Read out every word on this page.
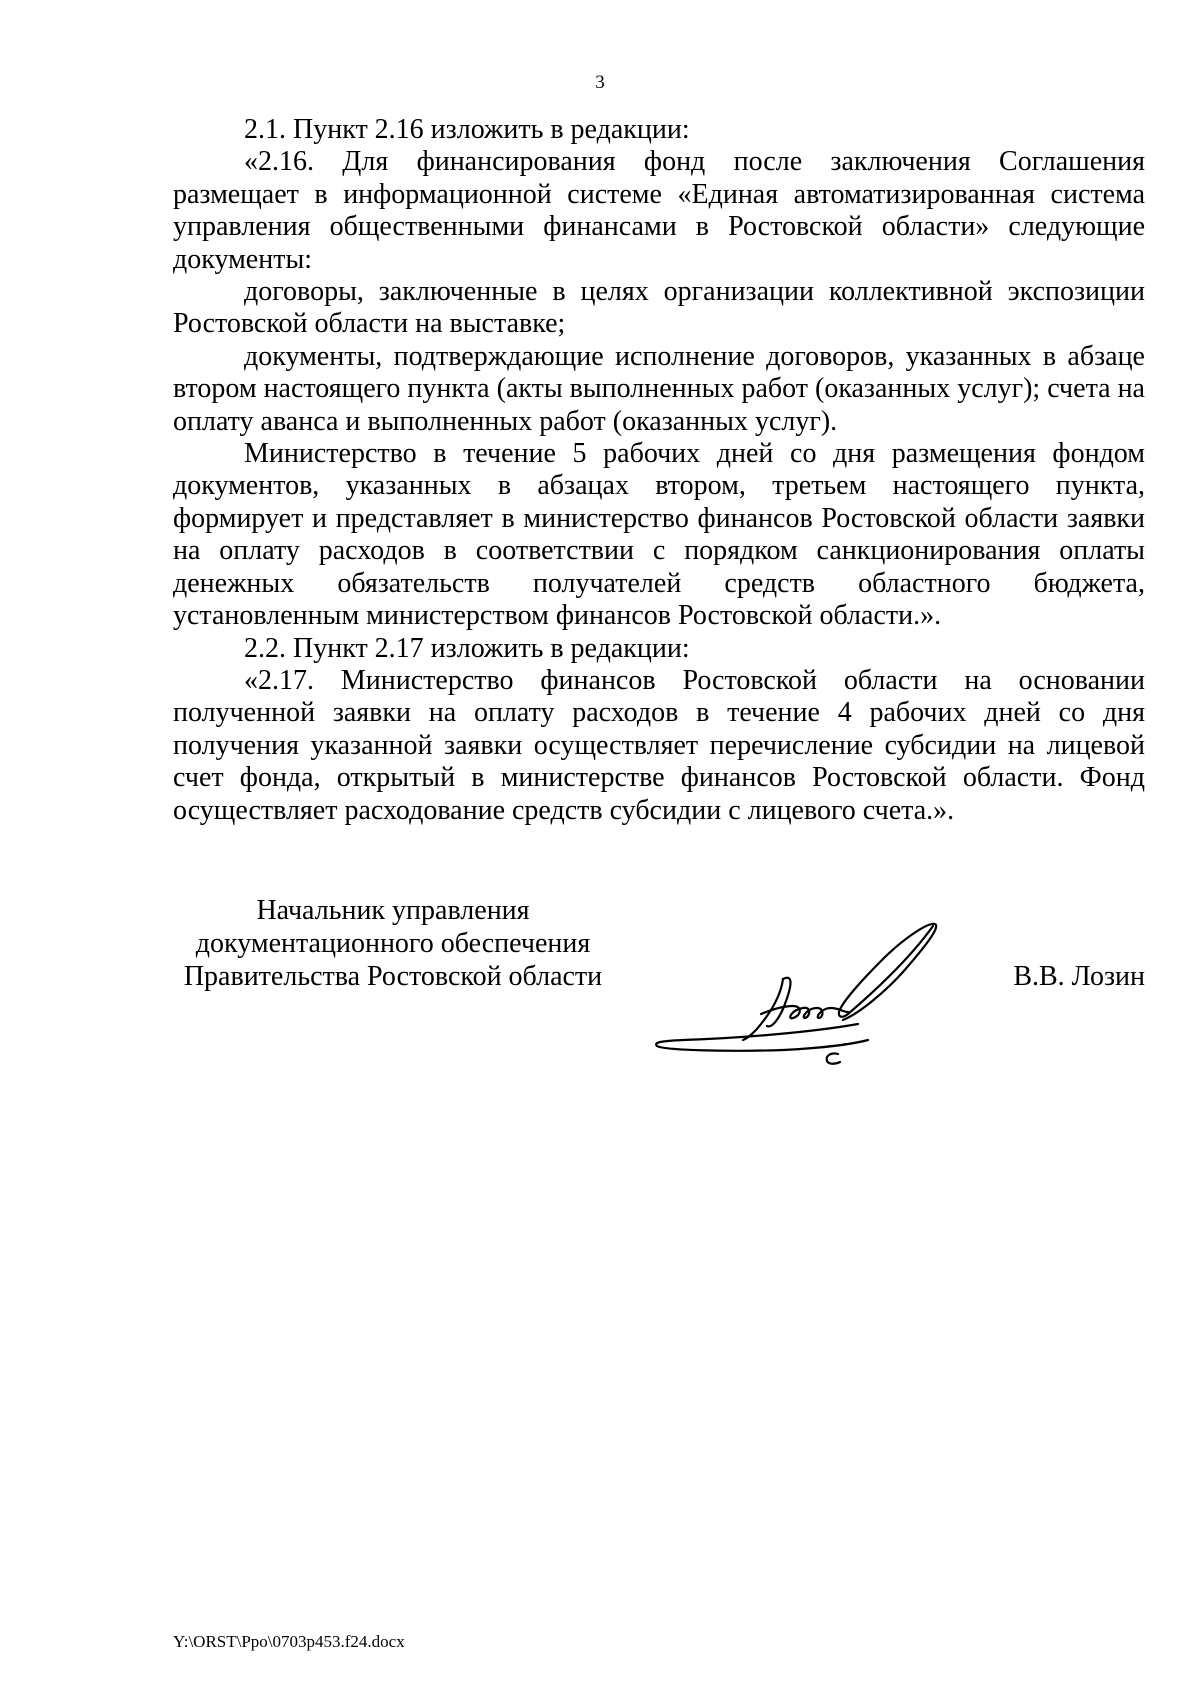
3

2.1. Пункт 2.16 изложить в редакции:

«2.16. Для финансирования фонд после заключения Соглашения размещает в информационной системе «Единая автоматизированная система управления общественными финансами в Ростовской области» следующие документы:

договоры, заключенные в целях организации коллективной экспозиции Ростовской области на выставке;

документы, подтверждающие исполнение договоров, указанных в абзаце втором настоящего пункта (акты выполненных работ (оказанных услуг); счета на оплату аванса и выполненных работ (оказанных услуг).

Министерство в течение 5 рабочих дней со дня размещения фондом документов, указанных в абзацах втором, третьем настоящего пункта, формирует и представляет в министерство финансов Ростовской области заявки на оплату расходов в соответствии с порядком санкционирования оплаты денежных обязательств получателей средств областного бюджета, установленным министерством финансов Ростовской области.».

2.2. Пункт 2.17 изложить в редакции:

«2.17. Министерство финансов Ростовской области на основании полученной заявки на оплату расходов в течение 4 рабочих дней со дня получения указанной заявки осуществляет перечисление субсидии на лицевой счет фонда, открытый в министерстве финансов Ростовской области. Фонд осуществляет расходование средств субсидии с лицевого счета.».

Начальник управления
документационного обеспечения
Правительства Ростовской области	В.В. Лозин
Y:\ORST\Ppo\0703p453.f24.docx
